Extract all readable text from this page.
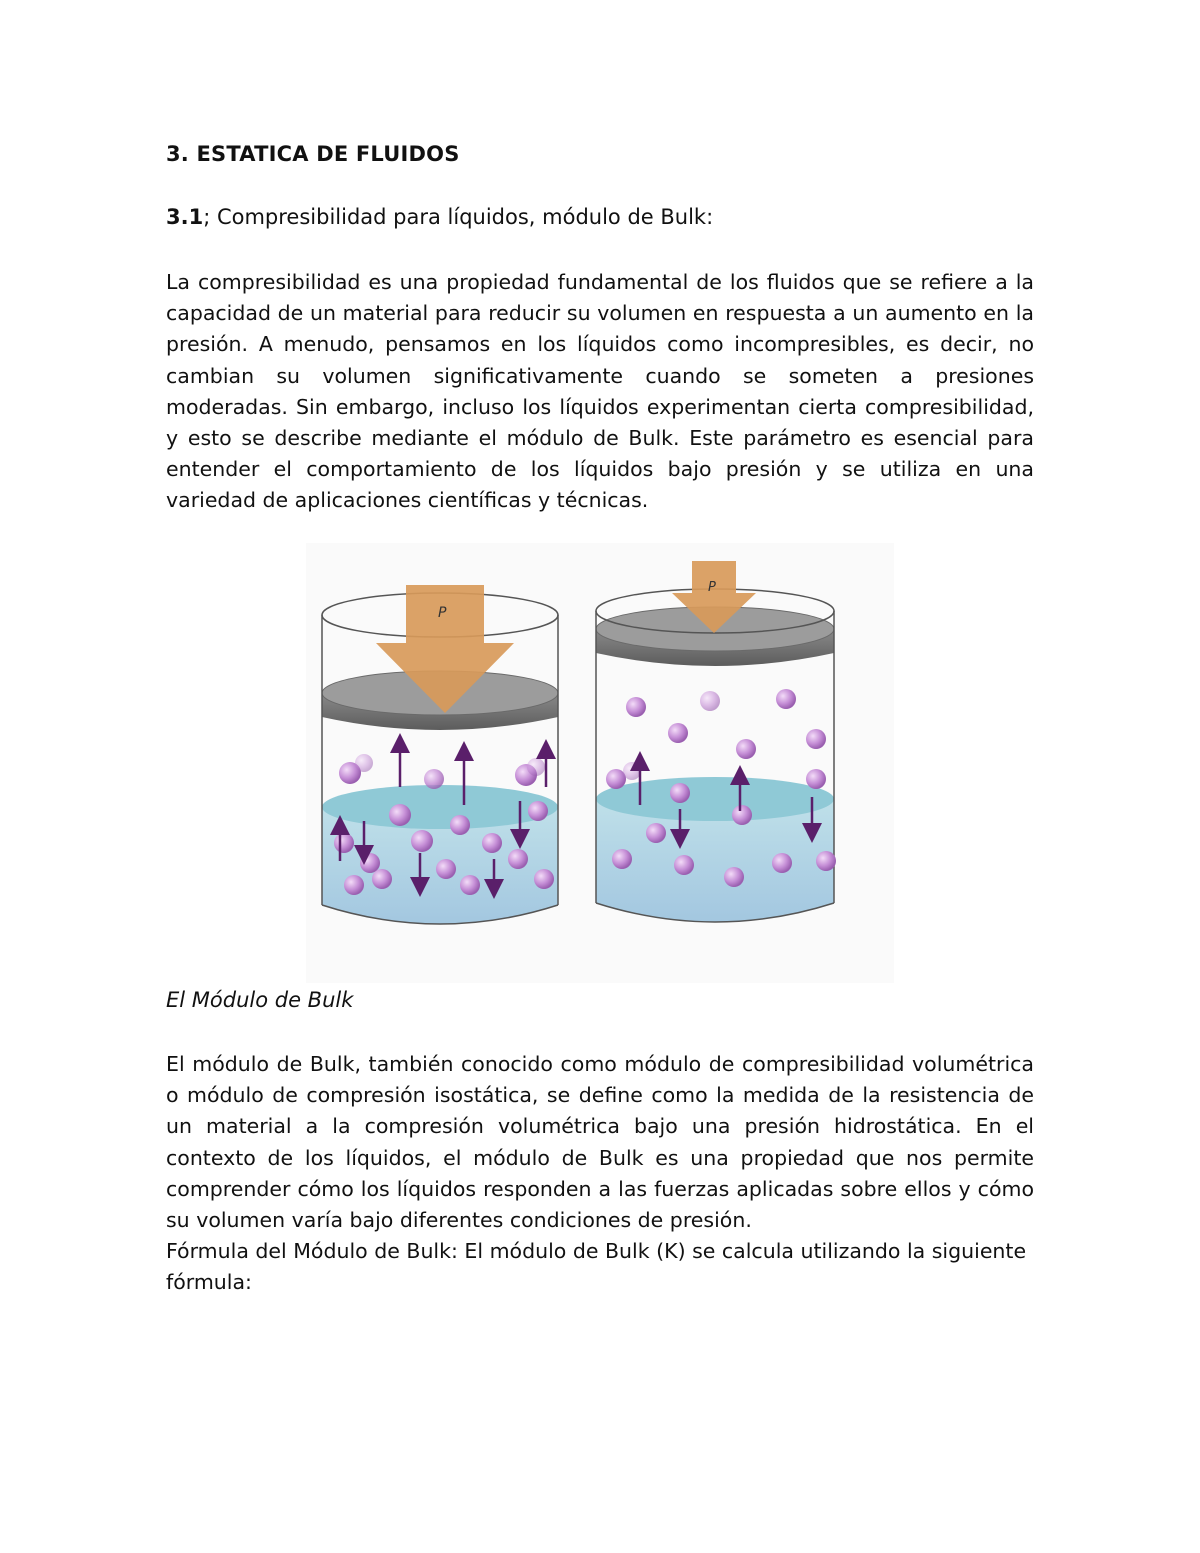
3. ESTATICA DE FLUIDOS
3.1; Compresibilidad para líquidos, módulo de Bulk:
La compresibilidad es una propiedad fundamental de los fluidos que se refiere a la capacidad de un material para reducir su volumen en respuesta a un aumento en la presión. A menudo, pensamos en los líquidos como incompresibles, es decir, no cambian su volumen significativamente cuando se someten a presiones moderadas. Sin embargo, incluso los líquidos experimentan cierta compresibilidad, y esto se describe mediante el módulo de Bulk. Este parámetro es esencial para entender el comportamiento de los líquidos bajo presión y se utiliza en una variedad de aplicaciones científicas y técnicas.
P
P
El Módulo de Bulk
El módulo de Bulk, también conocido como módulo de compresibilidad volumétrica o módulo de compresión isostática, se define como la medida de la resistencia de un material a la compresión volumétrica bajo una presión hidrostática. En el contexto de los líquidos, el módulo de Bulk es una propiedad que nos permite comprender cómo los líquidos responden a las fuerzas aplicadas sobre ellos y cómo su volumen varía bajo diferentes condiciones de presión.
Fórmula del Módulo de Bulk: El módulo de Bulk (K) se calcula utilizando la siguiente fórmula:
